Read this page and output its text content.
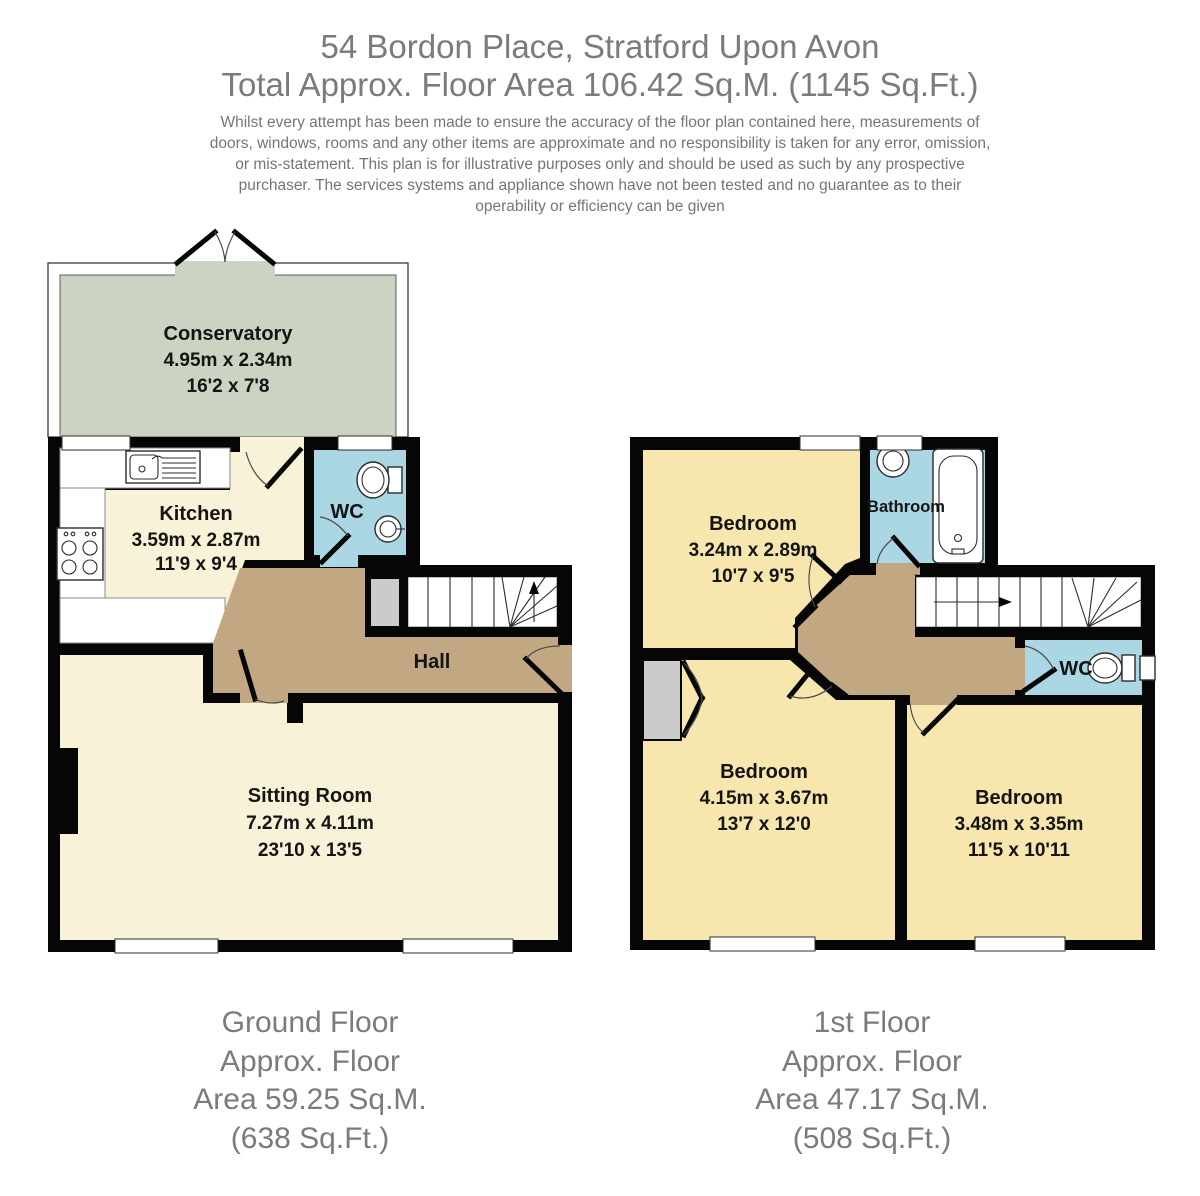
54 Bordon Place, Stratford Upon Avon
Total Approx. Floor Area 106.42 Sq.M. (1145 Sq.Ft.)

Whilst every attempt has been made to ensure the accuracy of the floor plan contained here, measurements of doors, windows, rooms and any other items are approximate and no responsibility is taken for any error, omission, or mis-statement. This plan is for illustrative purposes only and should be used as such by any prospective purchaser. The services systems and appliance shown have not been tested and no guarantee as to their operability or efficiency can be given

Conservatory
4.95m x 2.34m
16'2 x 7'8
Kitchen
3.59m x 2.87m
11'9 x 9'4
WC
Hall
Sitting Room
7.27m x 4.11m
23'10 x 13'5
Bedroom
3.24m x 2.89m
10'7 x 9'5
Bathroom
WC
Bedroom
4.15m x 3.67m
13'7 x 12'0
Bedroom
3.48m x 3.35m
11'5 x 10'11
Ground Floor
Approx. Floor
Area 59.25 Sq.M.
(638 Sq.Ft.)
1st Floor
Approx. Floor
Area 47.17 Sq.M.
(508 Sq.Ft.)
